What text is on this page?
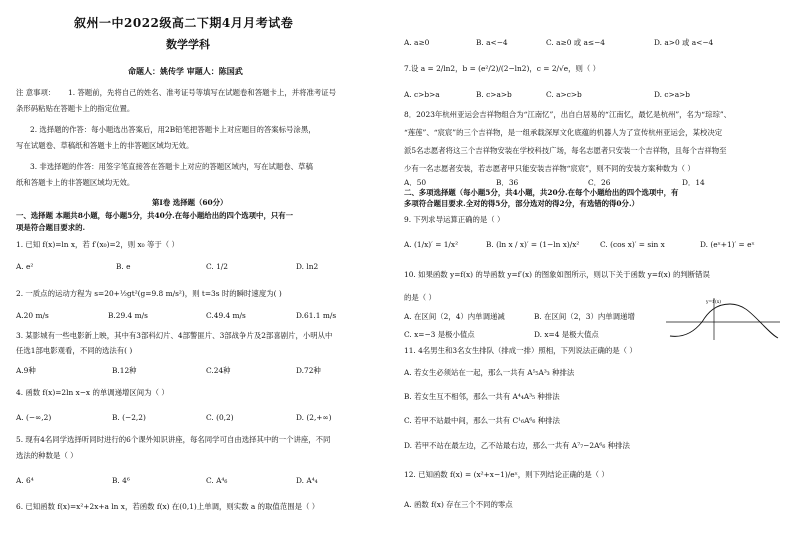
叙州一中2022级高二下期4月月考试卷
数学学科
命题人：姚传学 审题人：陈国武
注 意事项： 1. 答题前，先将自己的姓名、准考证号等填写在试题卷和答题卡上，并将准考证号
条形码粘贴在答题卡上的指定位置。
2. 选择题的作答：每小题选出答案后，用2B铅笔把答题卡上对应题目的答案标号涂黑，
写在试题卷、草稿纸和答题卡上的非答题区域均无效。
3. 非选择题的作答：用签字笔直接答在答题卡上对应的答题区域内，写在试题卷、草稿
纸和答题卡上的非答题区域均无效。
第I卷 选择题（60分）
一、选择题 本题共8小题，每小题5分，共40分.在每小题给出的四个选项中，只有一
项是符合题目要求的.
1. 已知 f(x)=ln x，若 f′(x₀)=2，则 x₀ 等于（ ）
A. e²	B. e	C. 1/2	D. ln2
2. 一质点的运动方程为 s=20+½gt²(g=9.8 m/s²)，则 t=3s 时的瞬时速度为( )
A.20 m/s	B.29.4 m/s	C.49.4 m/s	D.61.1 m/s
3. 某影城有一些电影新上映，其中有3部科幻片、4部警匪片、3部战争片及2部喜剧片，小明从中
任选1部电影观看，不同的选法有( )
A.9种	B.12种	C.24种	D.72种
4. 函数 f(x)=2ln x−x 的单调递增区间为（ ）
A. (−∞,2)	B. (−2,2)	C. (0,2)	D. (2,+∞)
5. 现有4名同学选择听同时进行的6个课外知识讲座，每名同学可自由选择其中的一个讲座，不同
选法的种数是（ ）
A. 6⁴	B. 4⁶	C. A⁴₆	D. A⁴₄
6. 已知函数 f(x)=x²+2x+a ln x，若函数 f(x) 在(0,1)上单调，则实数 a 的取值范围是（ ）
A. a≥0	B. a<−4	C. a≥0 或 a≤−4	D. a>0 或 a<−4
7.设 a = 2/ln2，b = (e²/2)/(2−ln2)，c = 2/√e，则（ ）
A. c>b>a	B. c>a>b	C. a>c>b	D. c>a>b
8．2023年杭州亚运会吉祥物组合为“江南忆”，出自白居易的“江南忆，最忆是杭州”，名为“琮琮”、
“莲莲”、“宸宸”的三个吉祥物，是一组承载深厚文化底蕴的机器人为了宣传杭州亚运会，某校决定
派5名志愿者将这三个吉祥物安装在学校科技广场，每名志愿者只安装一个吉祥物，且每个吉祥物至
少有一名志愿者安装，若志愿者甲只能安装吉祥物“宸宸”，则不同的安装方案种数为（ ）
A．50	B．36	C．26	D．14
二、多项选择题（每小题5分，共4小题，共20分.在每个小题给出的四个选项中，有
多项符合题目要求.全对的得5分，部分选对的得2分，有选错的得0分.）
9. 下列求导运算正确的是（ ）
A. (1/x)′ = 1/x²	B. (ln x / x)′ = (1−ln x)/x²	C. (cos x)′ = sin x	D. (eˣ+1)′ = eˣ
10. 如果函数 y=f(x) 的导函数 y=f′(x) 的图象如图所示，则以下关于函数 y=f(x) 的判断错误
的是（ ）
A. 在区间（2，4）内单调递减	B. 在区间（2，3）内单调递增
C. x=−3 是极小值点	D. x=4 是极大值点
y=f′(x)
11. 4名男生和3名女生排队（排成一排）照相，下列说法正确的是（ ）
A. 若女生必须站在一起，那么一共有 A⁵₅A³₃ 种排法
B. 若女生互不相邻，那么一共有 A⁴₄A³₅ 种排法
C. 若甲不站最中间，那么一共有 C¹₆A⁶₆ 种排法
D. 若甲不站在最左边，乙不站最右边，那么一共有 A⁷₇−2A⁶₆ 种排法
12. 已知函数 f(x) = (x²+x−1)/eˣ，则下列结论正确的是（ ）
A. 函数 f(x) 存在三个不同的零点
